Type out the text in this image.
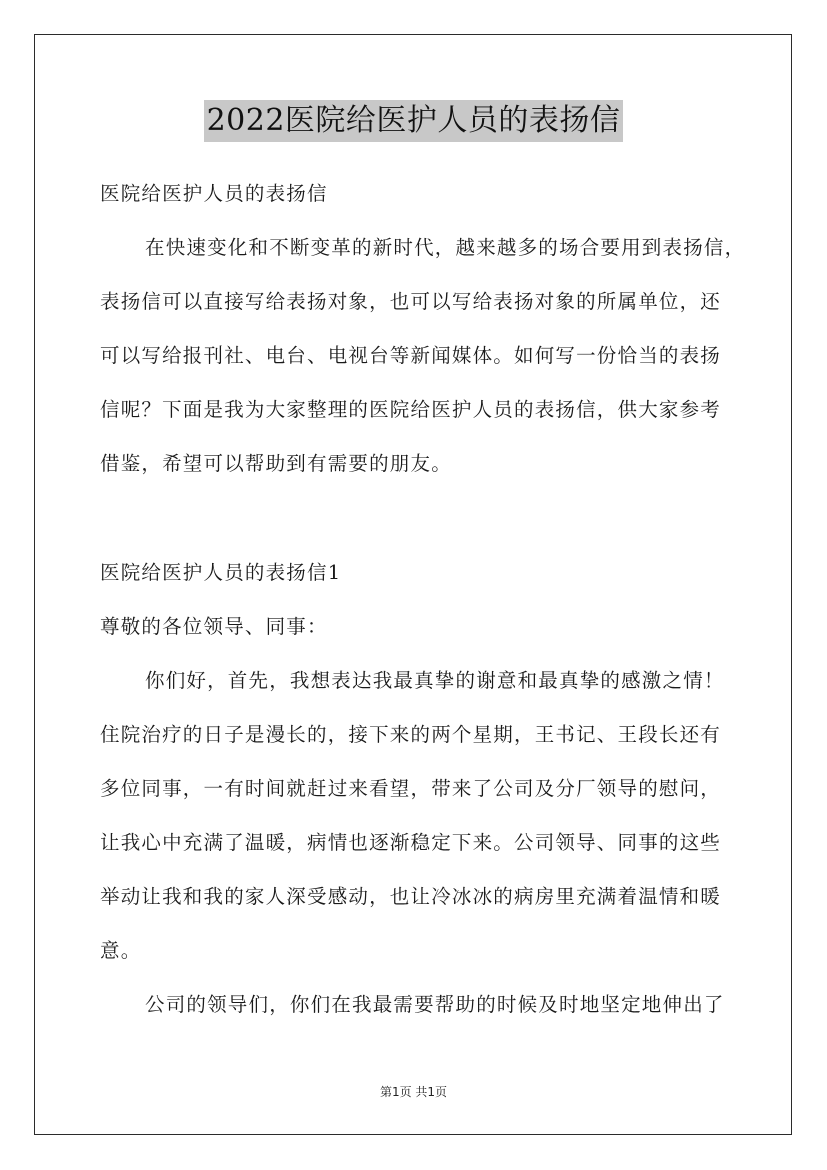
2022医院给医护人员的表扬信
医院给医护人员的表扬信
在快速变化和不断变革的新时代，越来越多的场合要用到表扬信，
表扬信可以直接写给表扬对象，也可以写给表扬对象的所属单位，还
可以写给报刊社、电台、电视台等新闻媒体。如何写一份恰当的表扬
信呢？下面是我为大家整理的医院给医护人员的表扬信，供大家参考
借鉴，希望可以帮助到有需要的朋友。
医院给医护人员的表扬信1
尊敬的各位领导、同事：
你们好，首先，我想表达我最真挚的谢意和最真挚的感激之情！
住院治疗的日子是漫长的，接下来的两个星期，王书记、王段长还有
多位同事，一有时间就赶过来看望，带来了公司及分厂领导的慰问，
让我心中充满了温暖，病情也逐渐稳定下来。公司领导、同事的这些
举动让我和我的家人深受感动，也让冷冰冰的病房里充满着温情和暖
意。
公司的领导们，你们在我最需要帮助的时候及时地坚定地伸出了
第1页 共1页
